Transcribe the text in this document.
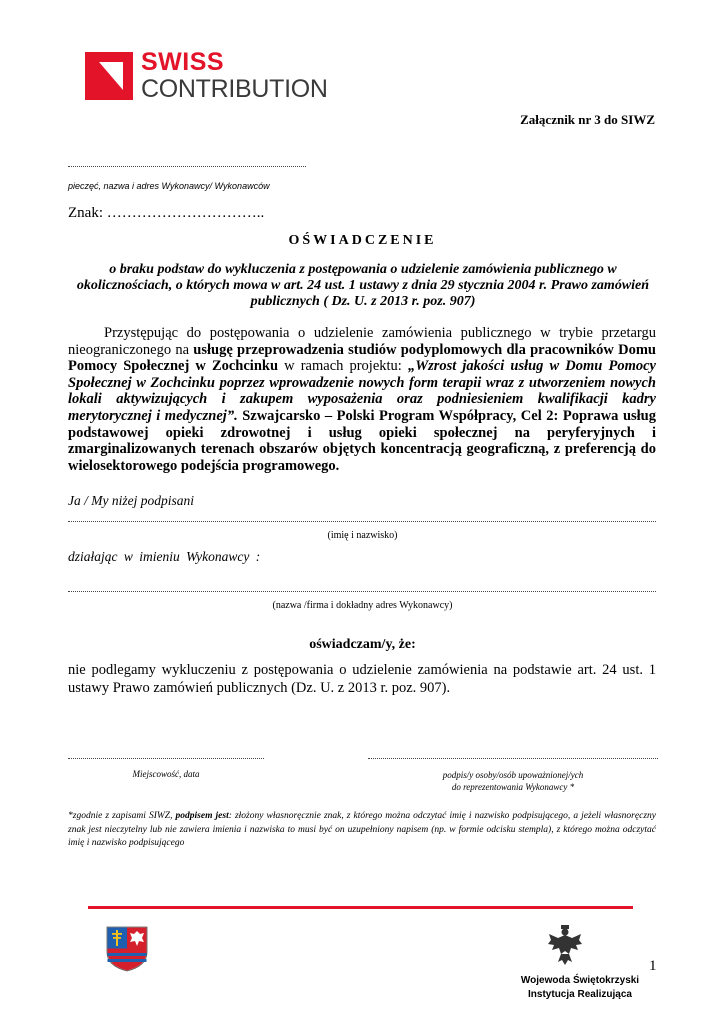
SWISS
CONTRIBUTION
Załącznik nr 3 do SIWZ
pieczęć, nazwa i adres Wykonawcy/ Wykonawców
Znak: …………………………..
OŚWIADCZENIE
o braku podstaw do wykluczenia z postępowania o udzielenie zamówienia publicznego w okolicznościach, o których mowa w art. 24 ust. 1 ustawy z dnia 29 stycznia 2004 r. Prawo zamówień publicznych ( Dz. U. z 2013 r. poz. 907)
Przystępując do postępowania o udzielenie zamówienia publicznego w trybie przetargu nieograniczonego na usługę przeprowadzenia studiów podyplomowych dla pracowników Domu Pomocy Społecznej w Zochcinku w ramach projektu: „Wzrost jakości usług w Domu Pomocy Społecznej w Zochcinku poprzez wprowadzenie nowych form terapii wraz z utworzeniem nowych lokali aktywizujących i zakupem wyposażenia oraz podniesieniem kwalifikacji kadry merytorycznej i medycznej”. Szwajcarsko – Polski Program Współpracy, Cel 2: Poprawa usług podstawowej opieki zdrowotnej i usług opieki społecznej na peryferyjnych i zmarginalizowanych terenach obszarów objętych koncentracją geograficzną, z preferencją do wielosektorowego podejścia programowego.
Ja / My niżej podpisani
(imię i nazwisko)
działając w imieniu Wykonawcy :
(nazwa /firma i dokładny adres Wykonawcy)
oświadczam/y, że:
nie podlegamy wykluczeniu z postępowania o udzielenie zamówienia na podstawie art. 24 ust. 1 ustawy Prawo zamówień publicznych (Dz. U. z 2013 r. poz. 907).
Miejscowość, data	podpis/y osoby/osób upoważnionej/ych
do reprezentowania Wykonawcy *
*zgodnie z zapisami SIWZ, podpisem jest: złożony własnoręcznie znak, z którego można odczytać imię i nazwisko podpisującego, a jeżeli własnoręczny znak jest nieczytelny lub nie zawiera imienia i nazwiska to musi być on uzupełniony napisem (np. w formie odcisku stempla), z którego można odczytać imię i nazwisko podpisującego
1
Wojewoda Świętokrzyski
Instytucja Realizująca
